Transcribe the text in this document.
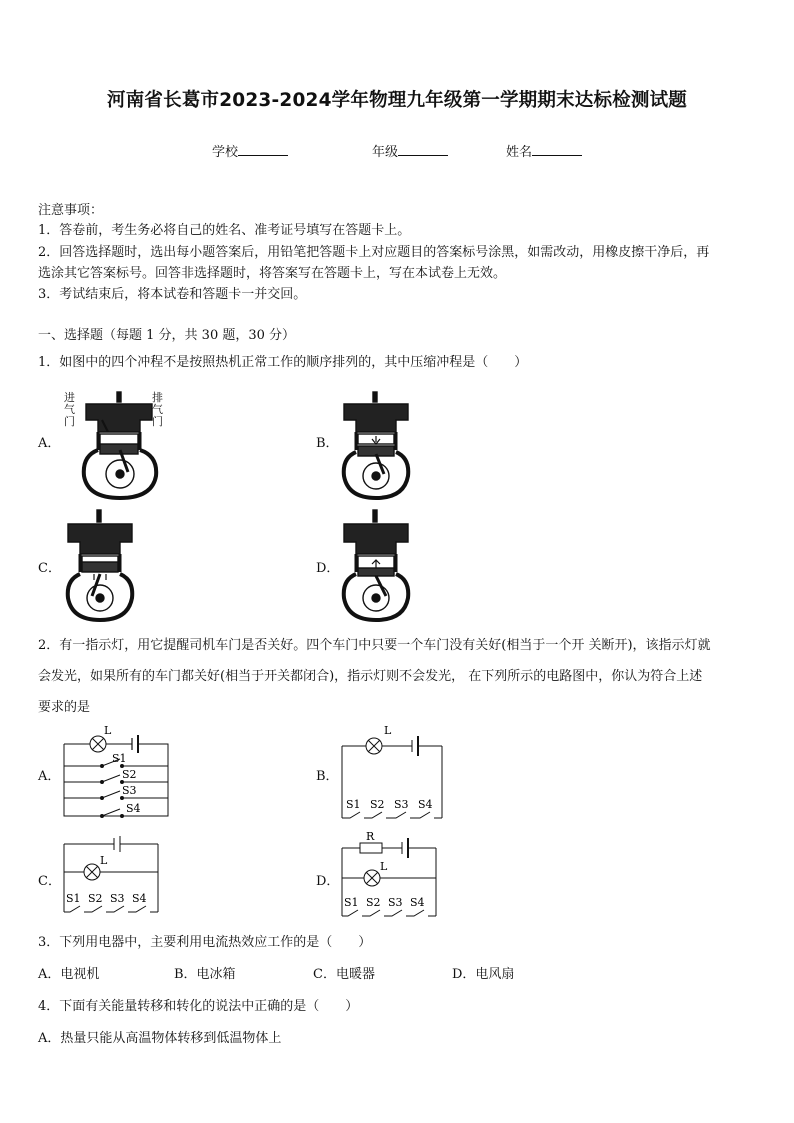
河南省长葛市2023-2024学年物理九年级第一学期期末达标检测试题
学校	年级	姓名
注意事项：
1．答卷前，考生务必将自己的姓名、准考证号填写在答题卡上。
2．回答选择题时，选出每小题答案后，用铅笔把答题卡上对应题目的答案标号涂黑，如需改动，用橡皮擦干净后，再
选涂其它答案标号。回答非选择题时，将答案写在答题卡上，写在本试卷上无效。
3．考试结束后，将本试卷和答题卡一并交回。
一、选择题（每题 1 分，共 30 题，30 分）
1．如图中的四个冲程不是按照热机正常工作的顺序排列的，其中压缩冲程是（　　）
A．	B．
C．	D．
进气门
排气门
2．有一指示灯，用它提醒司机车门是否关好。四个车门中只要一个车门没有关好(相当于一个开 关断开)，该指示灯就
会发光，如果所有的车门都关好(相当于开关都闭合)，指示灯则不会发光， 在下列所示的电路图中，你认为符合上述
要求的是
A．	B．
C．	D．
L
S1
S2
S3
S4
L
S1 S2 S3 S4
L
S1 S2 S3 S4
R
L
S1 S2 S3 S4
3．下列用电器中，主要利用电流热效应工作的是（　　）
A．电视机	B．电冰箱	C．电暖器	D．电风扇
4．下面有关能量转移和转化的说法中正确的是（　　）
A．热量只能从高温物体转移到低温物体上
